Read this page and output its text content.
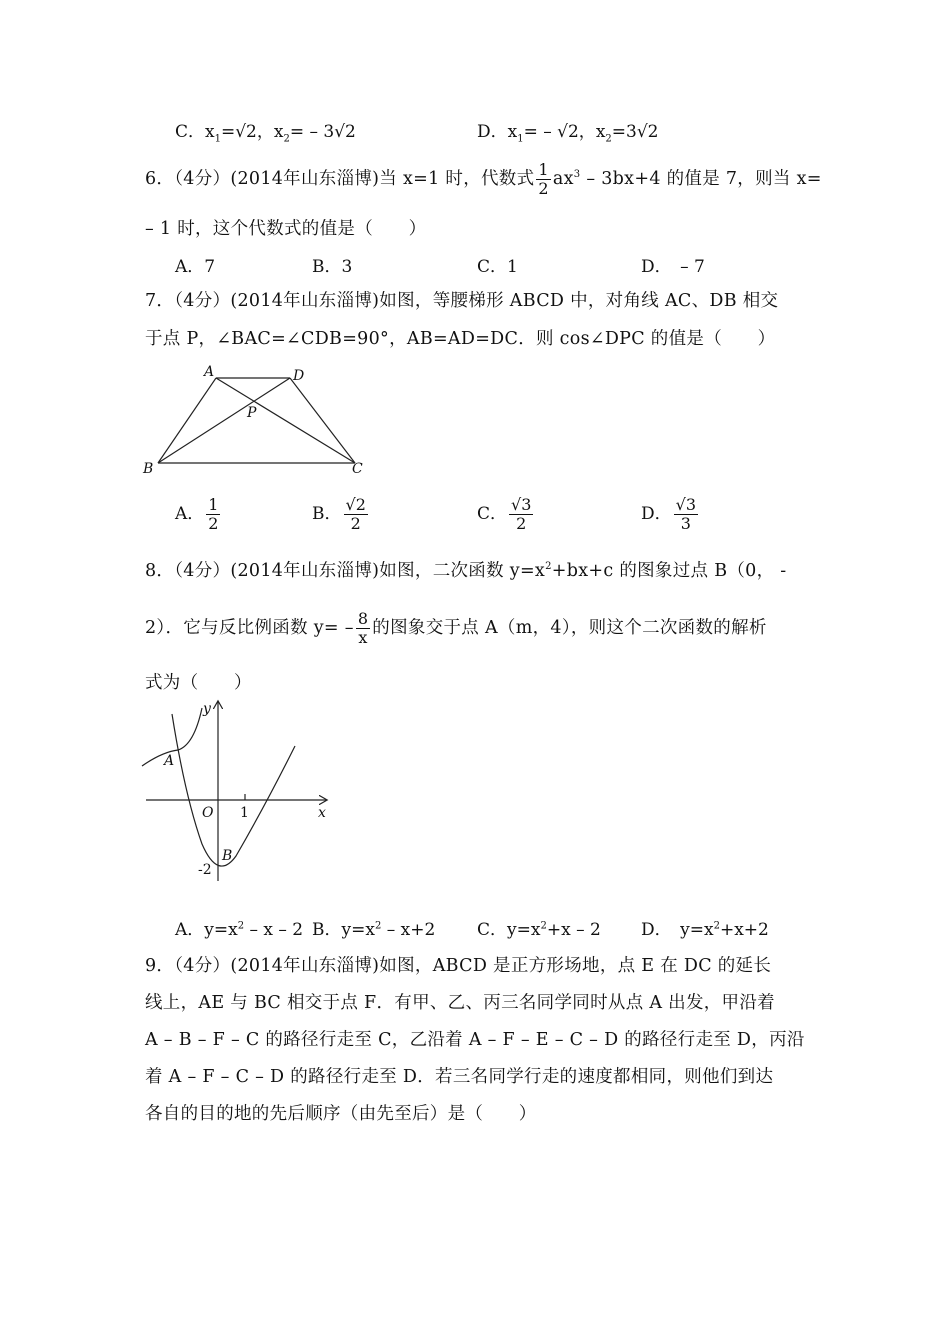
C．$x_1=√2$，$x_2= - 3√2$	D．$x_1= - √2$，$x_2=3√2$
6．（4分）(2014年山东淄博)当 x=1 时，代数式 $\frac{1}{2} ax^3 - 3bx+4$ 的值是 7，则当 x=
– 1 时，这个代数式的值是（　　）
A．7	B．3	C．1	D．　– 7
7．（4分）(2014年山东淄博)如图，等腰梯形 ABCD 中，对角线 AC、DB 相交
于点 P，∠BAC=∠CDB=90°，AB=AD=DC．则 cos∠DPC 的值是（　　）
A	D
P
B	C
A． $\frac{1}{2}$	B． $\frac{√2}{2}$	C． $\frac{√3}{2}$	D． $\frac{√3}{3}$
8．（4分）(2014年山东淄博)如图，二次函数 $y=x^2+bx+c$ 的图象过点 B（0， -
2）．它与反比例函数 $y= - \frac{8}{x}$ 的图象交于点 A（m，4），则这个二次函数的解析
式为（　　）
y
x
O 1
A
B
-2
A．$y=x^2 - x - 2$ B．$y=x^2 - x+2$ C．$y=x^2+x - 2$ D．　$y=x^2+x+2$
9．（4分）(2014年山东淄博)如图，ABCD 是正方形场地，点 E 在 DC 的延长
线上，AE 与 BC 相交于点 F．有甲、乙、丙三名同学同时从点 A 出发，甲沿着
A – B – F – C 的路径行走至 C，乙沿着 A – F – E – C – D 的路径行走至 D，丙沿
着 A – F – C – D 的路径行走至 D．若三名同学行走的速度都相同，则他们到达
各自的目的地的先后顺序（由先至后）是（　　）
